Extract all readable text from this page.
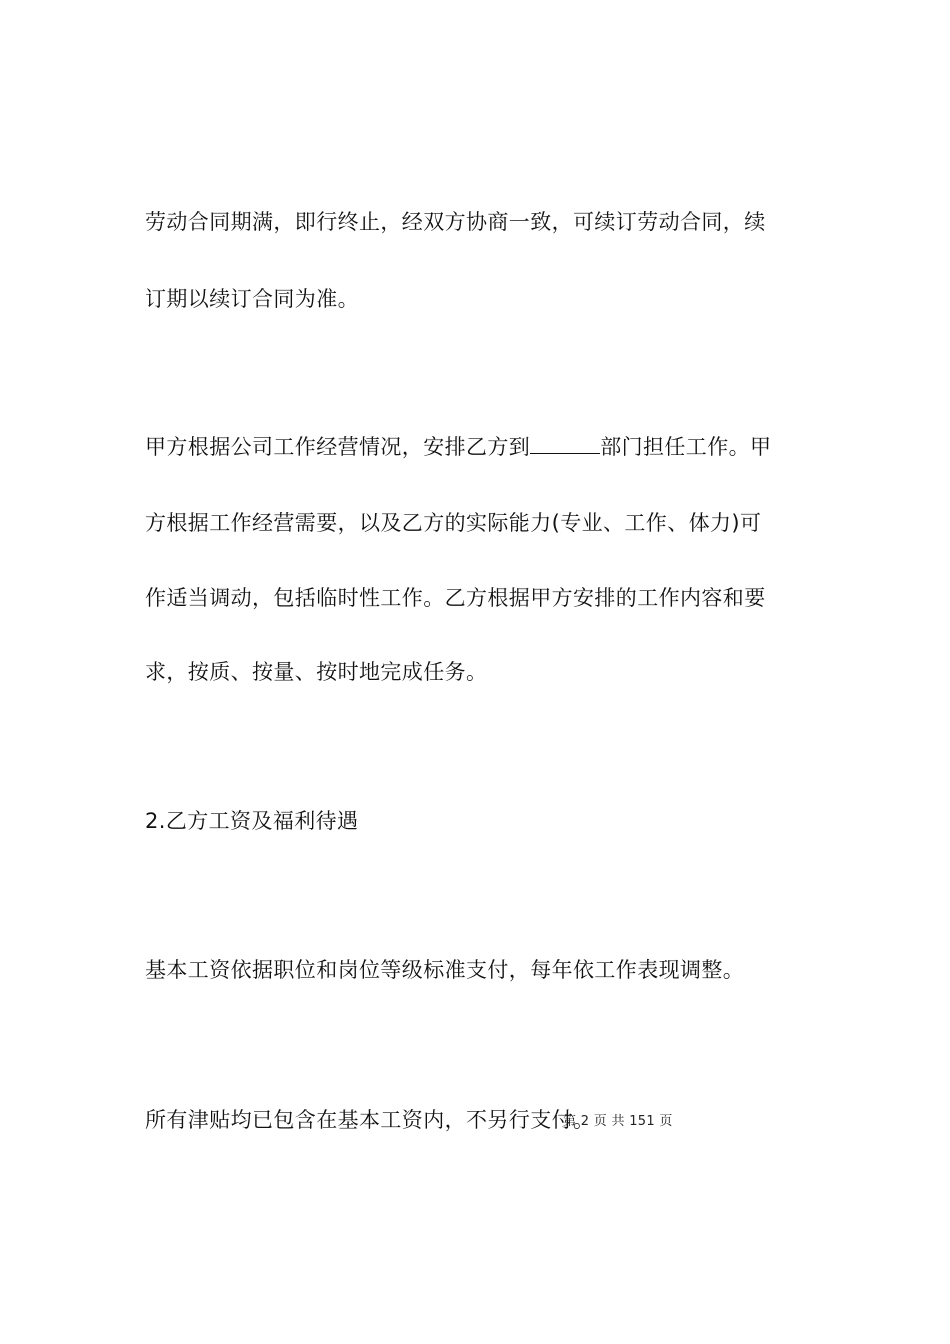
劳动合同期满，即行终止，经双方协商一致，可续订劳动合同，续
订期以续订合同为准。
甲方根据公司工作经营情况，安排乙方到	部门担任工作。甲
方根据工作经营需要，以及乙方的实际能力(专业、工作、体力)可
作适当调动，包括临时性工作。乙方根据甲方安排的工作内容和要
求，按质、按量、按时地完成任务。
2.乙方工资及福利待遇
基本工资依据职位和岗位等级标准支付，每年依工作表现调整。
所有津贴均已包含在基本工资内，不另行支付。
第 2 页 共 151 页
